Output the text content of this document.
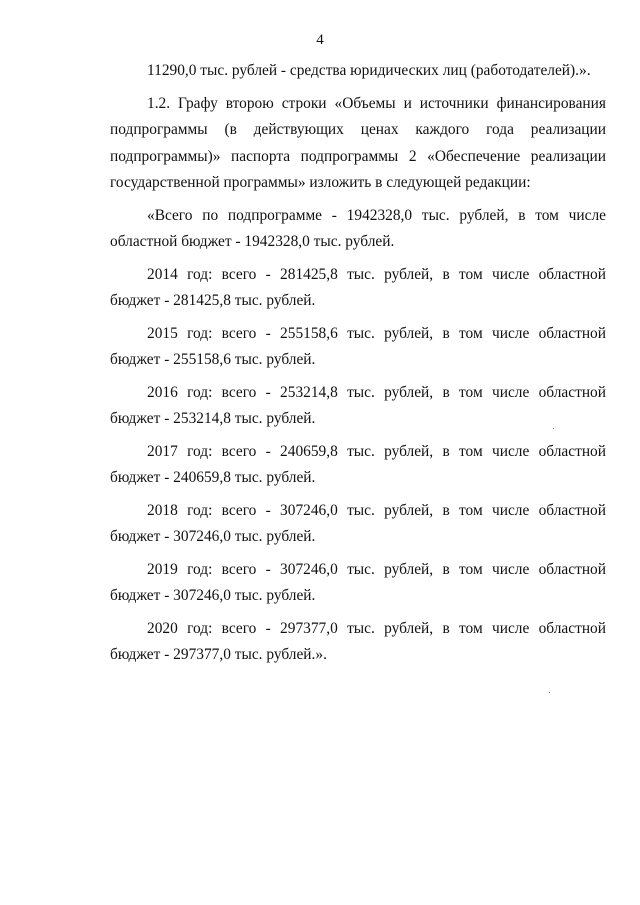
4
11290,0 тыс. рублей - средства юридических лиц (работодателей).».
1.2. Графу второю строки «Объемы и источники финансирования
подпрограммы (в действующих ценах каждого года реализации
подпрограммы)» паспорта подпрограммы 2 «Обеспечение реализации
государственной программы» изложить в следующей редакции:
«Всего по подпрограмме - 1942328,0 тыс. рублей, в том числе
областной бюджет - 1942328,0 тыс. рублей.
2014 год: всего - 281425,8 тыс. рублей, в том числе областной
бюджет - 281425,8 тыс. рублей.
2015 год: всего - 255158,6 тыс. рублей, в том числе областной
бюджет - 255158,6 тыс. рублей.
2016 год: всего - 253214,8 тыс. рублей, в том числе областной
бюджет - 253214,8 тыс. рублей.
2017 год: всего - 240659,8 тыс. рублей, в том числе областной
бюджет - 240659,8 тыс. рублей.
2018 год: всего - 307246,0 тыс. рублей, в том числе областной
бюджет - 307246,0 тыс. рублей.
2019 год: всего - 307246,0 тыс. рублей, в том числе областной
бюджет - 307246,0 тыс. рублей.
2020 год: всего - 297377,0 тыс. рублей, в том числе областной
бюджет - 297377,0 тыс. рублей.».
